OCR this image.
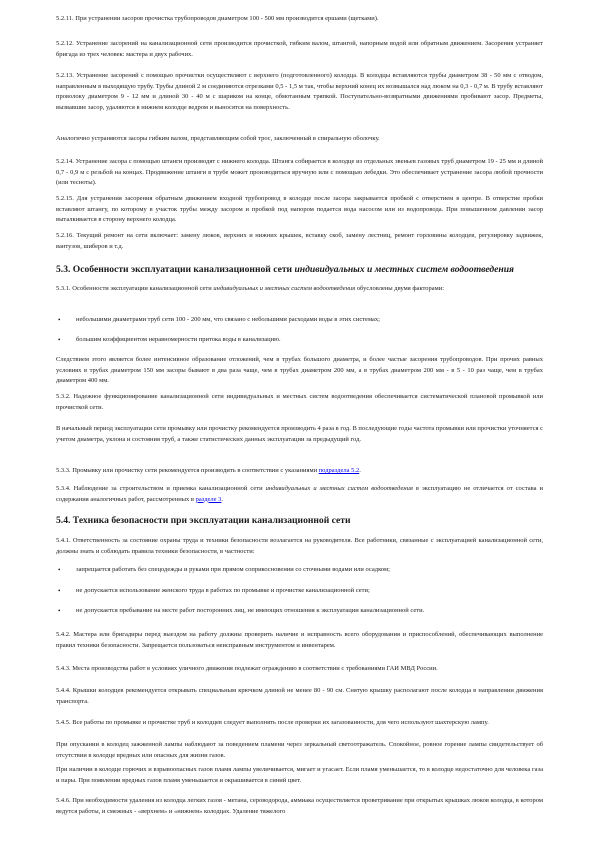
5.2.11. При устранении засоров прочистка трубопроводов диаметром 100 - 500 мм производится ершами (щетками).

5.2.12. Устранение засорений на канализационной сети производится прочисткой, гибким валом, штангой, напорным водой или обратным движением. Засорения устраняет бригада из трех человек: мастера и двух рабочих.

5.2.13. Устранение засорений с помощью прочистки осуществляют с верхнего (подготовленного) колодца. В колодцы вставляются трубы диаметром 38 - 50 мм с отводом, направленным в выходящую трубу. Трубы длиной 2 м соединяются отрезками 0,5 - 1,5 м так, чтобы верхний конец их возвышался над люком на 0,3 - 0,7 м. В трубу вставляют проволоку диаметром 9 - 12 мм и длиной 30 - 40 м с шариком на конце, обмотанным тряпкой. Поступательно-возвратными движениями пробивают засор. Предметы, вызвавшие засор, удаляются в нижнем колодце ведром и выносятся на поверхность.

Аналогично устраняются засоры гибким валом, представляющим собой трос, заключенный в спиральную оболочку.

5.2.14. Устранение засора с помощью штанги производят с нижнего колодца. Штанга собирается в колодце из отдельных звеньев газовых труб диаметром 19 - 25 мм и длиной 0,7 - 0,9 м с резьбой на концах. Продвижение штанги в трубе может производиться вручную или с помощью лебедки. Это обеспечивает устранение засора любой прочности (или тесноты).

5.2.15. Для устранения засорения обратным движением входной трубопровод в колодце после засора закрывается пробкой с отверстием в центре. В отверстие пробки вставляют штангу, по которому в участок трубы между засором и пробкой под напором подается вода насосом или из водопровода. При повышенном давлении засор выталкивается в сторону верхнего колодца.

5.2.16. Текущий ремонт на сети включает: замену люков, верхних и нижних крышек, вставку скоб, замену лестниц, ремонт горловины колодцев, регулировку задвижек, вантузов, шиберов и т.д.

5.3. Особенности эксплуатации канализационной сети индивидуальных и местных систем водоотведения

5.3.1. Особенности эксплуатации канализационной сети индивидуальных и местных систем водоотведения обусловлены двумя факторами:

• небольшими диаметрами труб сети 100 - 200 мм, что связано с небольшими расходами воды в этих системах;

• большим коэффициентом неравномерности притока воды в канализацию.

Следствием этого является более интенсивное образование отложений, чем в трубах большого диаметра, и более частые засорения трубопроводов. При прочих равных условиях в трубах диаметром 150 мм засоры бывают в два раза чаще, чем в трубах диаметром 200 мм, а в трубах диаметром 200 мм - в 5 - 10 раз чаще, чем в трубах диаметром 400 мм.

5.3.2. Надежное функционирование канализационной сети индивидуальных и местных систем водоотведения обеспечивается систематической плановой промывкой или прочисткой сети.

В начальный период эксплуатации сети промывку или прочистку рекомендуется производить 4 раза в год. В последующие годы частота промывки или прочистки уточняется с учетом диаметра, уклона и состояния труб, а также статистических данных эксплуатации за предыдущий год.

5.3.3. Промывку или прочистку сети рекомендуется производить в соответствии с указаниями подраздела 5.2.

5.3.4. Наблюдение за строительством и приемка канализационной сети индивидуальных и местных систем водоотведения в эксплуатацию не отличается от состава и содержания аналогичных работ, рассмотренных в разделе 3.

5.4. Техника безопасности при эксплуатации канализационной сети

5.4.1. Ответственность за состояние охраны труда и техники безопасности возлагается на руководителя. Все работники, связанные с эксплуатацией канализационной сети, должны знать и соблюдать правила техники безопасности, в частности:

• запрещается работать без спецодежды и руками при прямом соприкосновении со сточными водами или осадком;

• не допускается использование женского труда в работах по промывке и прочистке канализационной сети;

• не допускается пребывание на месте работ посторонних лиц, не имеющих отношения к эксплуатации канализационной сети.

5.4.2. Мастера или бригадиры перед выездом на работу должны проверить наличие и исправность всего оборудования и приспособлений, обеспечивающих выполнение правил техники безопасности. Запрещается пользоваться неисправным инструментом и инвентарем.

5.4.3. Места производства работ в условиях уличного движения подлежат ограждению в соответствии с требованиями ГАИ МВД России.

5.4.4. Крышки колодцев рекомендуется открывать специальным крючком длиной не менее 80 - 90 см. Снятую крышку располагают после колодца в направлении движения транспорта.

5.4.5. Все работы по промывке и прочистке труб и колодцев следует выполнять после проверки их загазованности, для чего используют шахтерскую лампу.

При опускании в колодец зажженной лампы наблюдают за поведением пламени через зеркальный светоотражатель. Спокойное, ровное горение лампы свидетельствует об отсутствии в колодце вредных или опасных для жизни газов.

При наличии в колодце горючих и взрывоопасных газов пламя лампы увеличивается, мигает и угасает. Если пламя уменьшается, то в колодце недостаточно для человека газа и пары. При появлении вредных газов пламя уменьшается и окрашивается в синий цвет.

5.4.6. При необходимости удаления из колодца легких газов - метана, сероводорода, аммиака осуществляется проветривание при открытых крышках люков колодца, в котором ведутся работы, и смежных - «верхнем» и «нижнем» колодцах. Удаление тяжелого
